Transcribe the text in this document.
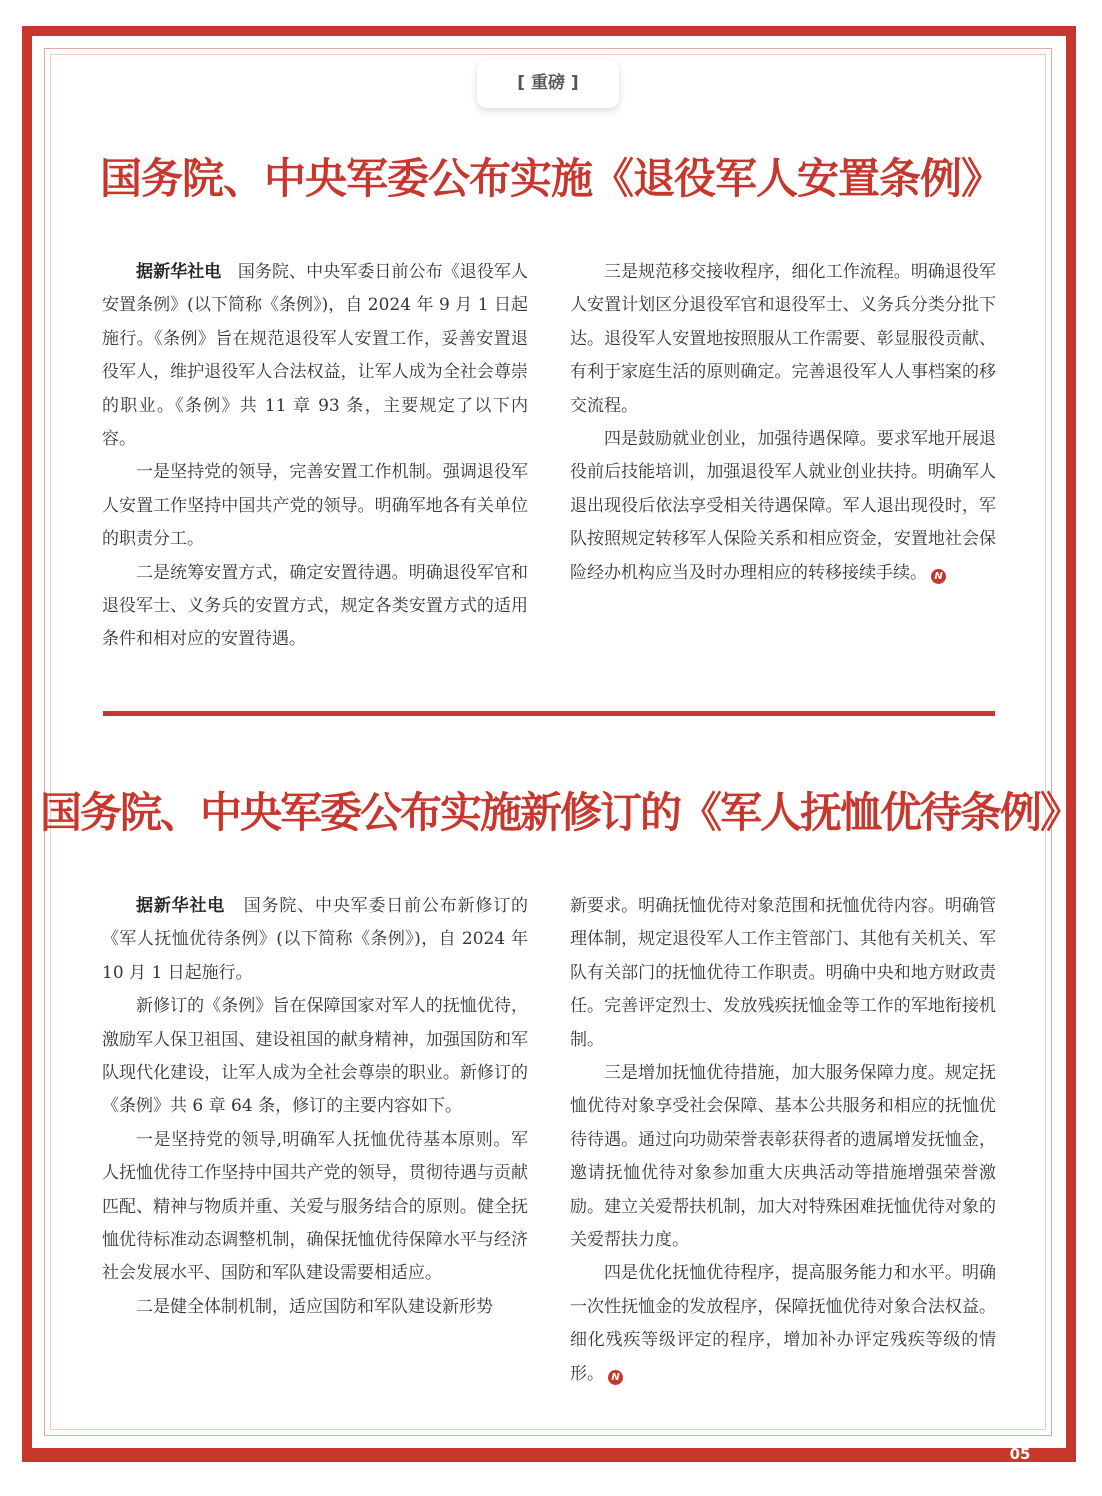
[ 重磅 ]
国务院、中央军委公布实施《退役军人安置条例》

据新华社电 国务院、中央军委日前公布《退役军人安置条例》(以下简称《条例》)，自 2024 年 9 月 1 日起施行。《条例》旨在规范退役军人安置工作，妥善安置退役军人，维护退役军人合法权益，让军人成为全社会尊崇的职业。《条例》共 11 章 93 条，主要规定了以下内容。

一是坚持党的领导，完善安置工作机制。强调退役军人安置工作坚持中国共产党的领导。明确军地各有关单位的职责分工。

二是统筹安置方式，确定安置待遇。明确退役军官和退役军士、义务兵的安置方式，规定各类安置方式的适用条件和相对应的安置待遇。

三是规范移交接收程序，细化工作流程。明确退役军人安置计划区分退役军官和退役军士、义务兵分类分批下达。退役军人安置地按照服从工作需要、彰显服役贡献、有利于家庭生活的原则确定。完善退役军人人事档案的移交流程。

四是鼓励就业创业，加强待遇保障。要求军地开展退役前后技能培训，加强退役军人就业创业扶持。明确军人退出现役后依法享受相关待遇保障。军人退出现役时，军队按照规定转移军人保险关系和相应资金，安置地社会保险经办机构应当及时办理相应的转移接续手续。 N

国务院、中央军委公布实施新修订的《军人抚恤优待条例》

据新华社电 国务院、中央军委日前公布新修订的《军人抚恤优待条例》(以下简称《条例》)，自 2024 年 10 月 1 日起施行。

新修订的《条例》旨在保障国家对军人的抚恤优待，激励军人保卫祖国、建设祖国的献身精神，加强国防和军队现代化建设，让军人成为全社会尊崇的职业。新修订的《条例》共 6 章 64 条，修订的主要内容如下。

一是坚持党的领导,明确军人抚恤优待基本原则。军人抚恤优待工作坚持中国共产党的领导，贯彻待遇与贡献匹配、精神与物质并重、关爱与服务结合的原则。健全抚恤优待标准动态调整机制，确保抚恤优待保障水平与经济社会发展水平、国防和军队建设需要相适应。

二是健全体制机制，适应国防和军队建设新形势

新要求。明确抚恤优待对象范围和抚恤优待内容。明确管理体制，规定退役军人工作主管部门、其他有关机关、军队有关部门的抚恤优待工作职责。明确中央和地方财政责任。完善评定烈士、发放残疾抚恤金等工作的军地衔接机制。

三是增加抚恤优待措施，加大服务保障力度。规定抚恤优待对象享受社会保障、基本公共服务和相应的抚恤优待待遇。通过向功勋荣誉表彰获得者的遗属增发抚恤金，邀请抚恤优待对象参加重大庆典活动等措施增强荣誉激励。建立关爱帮扶机制，加大对特殊困难抚恤优待对象的关爱帮扶力度。

四是优化抚恤优待程序，提高服务能力和水平。明确一次性抚恤金的发放程序，保障抚恤优待对象合法权益。细化残疾等级评定的程序，增加补办评定残疾等级的情形。 N

05
